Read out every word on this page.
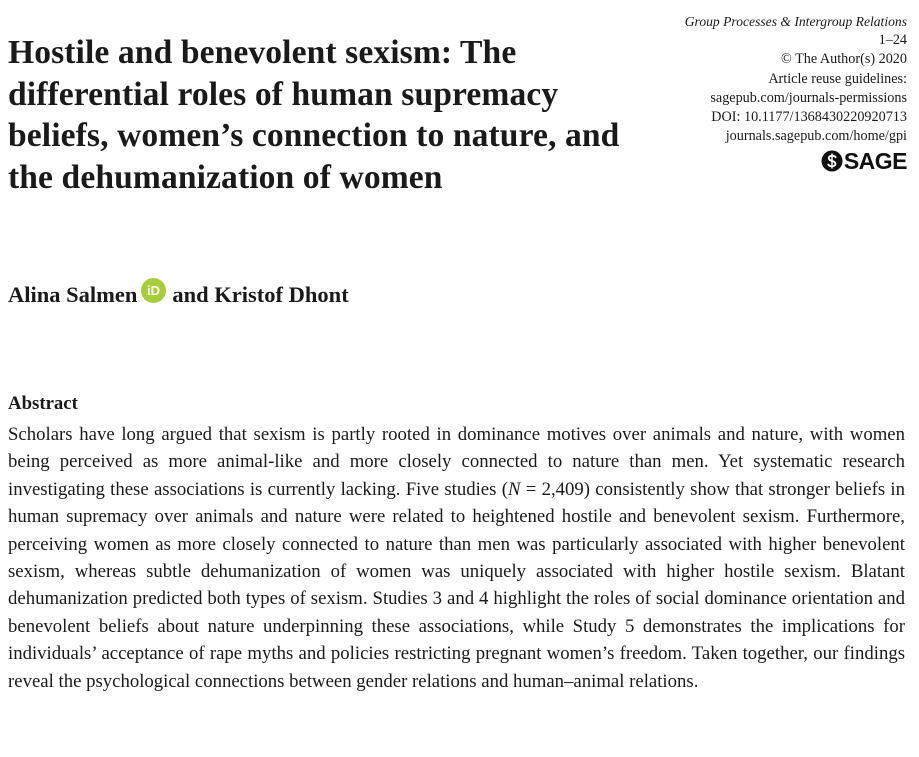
Group Processes & Intergroup Relations
1–24
© The Author(s) 2020
Article reuse guidelines:
sagepub.com/journals-permissions
DOI: 10.1177/1368430220920713
journals.sagepub.com/home/gpi
SAGE
Hostile and benevolent sexism: The differential roles of human supremacy beliefs, women’s connection to nature, and the dehumanization of women
Alina Salmen iD and Kristof Dhont
Abstract

Scholars have long argued that sexism is partly rooted in dominance motives over animals and nature, with women being perceived as more animal-like and more closely connected to nature than men. Yet systematic research investigating these associations is currently lacking. Five studies (N = 2,409) consistently show that stronger beliefs in human supremacy over animals and nature were related to heightened hostile and benevolent sexism. Furthermore, perceiving women as more closely connected to nature than men was particularly associated with higher benevolent sexism, whereas subtle dehumanization of women was uniquely associated with higher hostile sexism. Blatant dehumanization predicted both types of sexism. Studies 3 and 4 highlight the roles of social dominance orientation and benevolent beliefs about nature underpinning these associations, while Study 5 demonstrates the implications for individuals’ acceptance of rape myths and policies restricting pregnant women’s freedom. Taken together, our findings reveal the psychological connections between gender relations and human–animal relations.
